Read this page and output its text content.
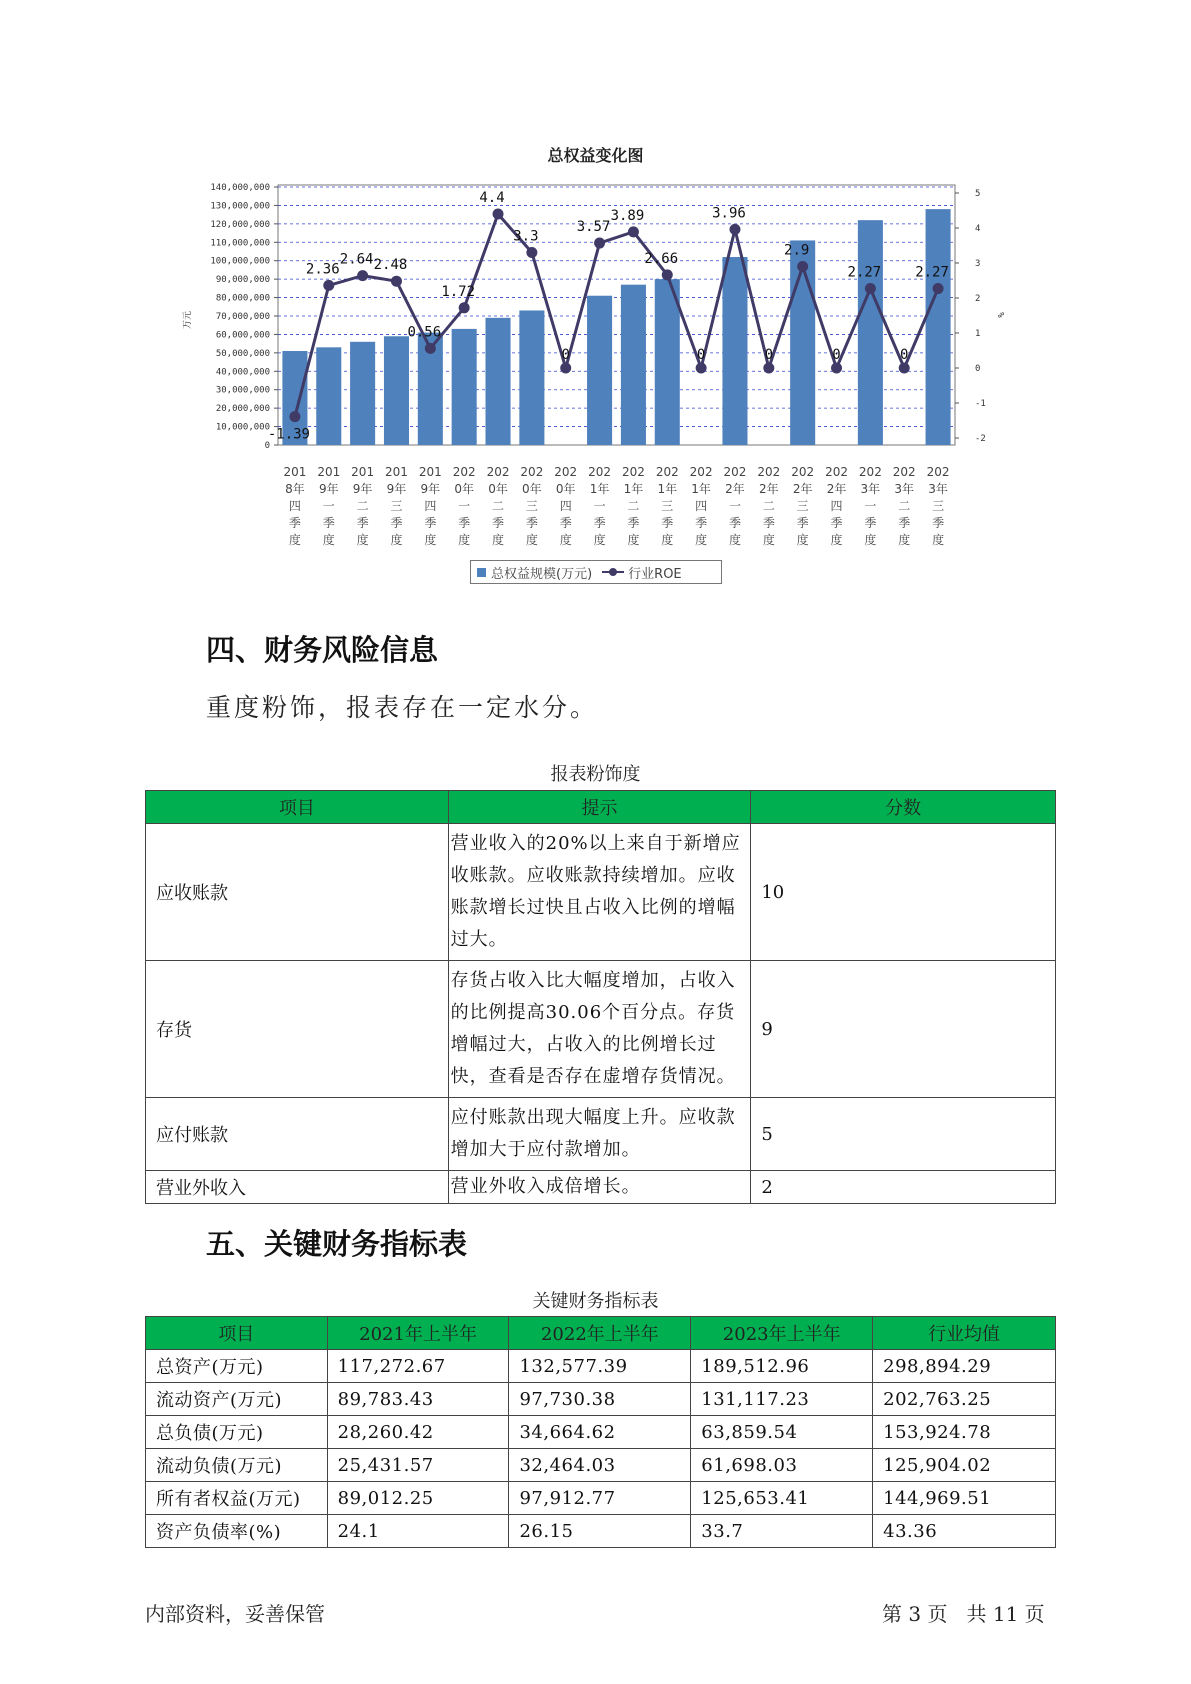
总权益变化图
140,000,000
130,000,000
120,000,000
110,000,000
100,000,000
90,000,000
80,000,000
70,000,000
60,000,000
50,000,000
40,000,000
30,000,000
20,000,000
10,000,000
0
万元
5
4
3
2
1
0
-1
-2
%
201
8年
四
季
度
201
9年
一
季
度
201
9年
二
季
度
201
9年
三
季
度
201
9年
四
季
度
202
0年
一
季
度
202
0年
二
季
度
202
0年
三
季
度
202
0年
四
季
度
202
1年
一
季
度
202
1年
二
季
度
202
1年
三
季
度
202
1年
四
季
度
202
2年
一
季
度
202
2年
二
季
度
202
2年
三
季
度
202
2年
四
季
度
202
3年
一
季
度
202
3年
二
季
度
202
3年
三
季
度
-1.39
2.36
2.64 2.48
0.56
1.72
4.4
3.3
0
3.57
3.89
2.66
0
3.96
0
2.9
0
2.27
0
2.27
总权益规模(万元)	行业ROE
四、财务风险信息
重度粉饰，报表存在一定水分。
报表粉饰度
项目	提示	分数
应收账款	营业收入的20%以上来自于新增应收账款。应收账款持续增加。应收账款增长过快且占收入比例的增幅过大。	10
存货	存货占收入比大幅度增加，占收入的比例提高30.06个百分点。存货增幅过大，占收入的比例增长过快，查看是否存在虚增存货情况。	9
应付账款	应付账款出现大幅度上升。应收款增加大于应付款增加。	5
营业外收入	营业外收入成倍增长。	2
五、关键财务指标表
关键财务指标表
项目	2021年上半年	2022年上半年	2023年上半年	行业均值
总资产(万元)	117,272.67	132,577.39	189,512.96	298,894.29
流动资产(万元)	89,783.43	97,730.38	131,117.23	202,763.25
总负债(万元)	28,260.42	34,664.62	63,859.54	153,924.78
流动负债(万元)	25,431.57	32,464.03	61,698.03	125,904.02
所有者权益(万元)	89,012.25	97,912.77	125,653.41	144,969.51
资产负债率(%)	24.1	26.15	33.7	43.36
内部资料，妥善保管	第 3 页   共 11 页
